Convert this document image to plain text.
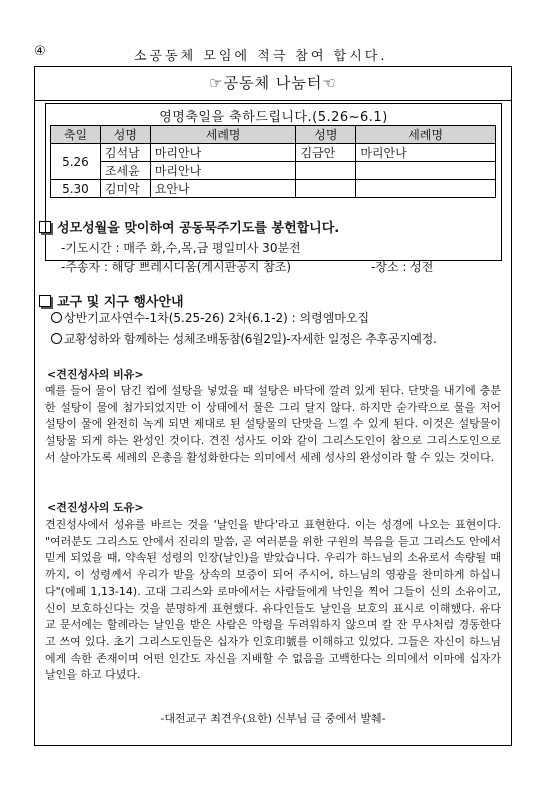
④	소공동체 모임에 적극 참여 합시다.
☞공동체 나눔터☜
영명축일을 축하드립니다.(5.26~6.1)
축일	성명	세례명	성명	세례명
5.26	김석남	마리안나	김금안	마리안나
	조세윤	마리안나		
5.30	김미악	요안나		
성모성월을 맞이하여 공동묵주기도를 봉헌합니다.
-기도시간 : 매주 화,수,목,금 평일미사 30분전
-주송자 : 해당 쁘레시디움(게시판공지 참조)	-장소 : 성전
교구 및 지구 행사안내
상반기교사연수-1차(5.25-26) 2차(6.1-2) : 의령엠마오집
교황성하와 함께하는 성체조배동참(6월2일)-자세한 일정은 추후공지예정.
<견진성사의 비유>
예를 들어 물이 담긴 컵에 설탕을 넣었을 때 설탕은 바닥에 깔려 있게 된다. 단맛을 내기에 충분한 설탕이 물에 첨가되었지만 이 상태에서 물은 그리 달지 않다. 하지만 숟가락으로 물을 저어 설탕이 물에 완전히 녹게 되면 제대로 된 설탕물의 단맛을 느낄 수 있게 된다. 이것은 설탕물이 설탕물 되게 하는 완성인 것이다. 견진 성사도 이와 같이 그리스도인이 참으로 그리스도인으로서 살아가도록 세례의 은총을 활성화한다는 의미에서 세례 성사의 완성이라 할 수 있는 것이다.
<견진성사의 도유>
견진성사에서 성유를 바르는 것을 '날인을 받다'라고 표현한다. 이는 성경에 나오는 표현이다. "여러분도 그리스도 안에서 진리의 말씀, 곧 여러분을 위한 구원의 복음을 듣고 그리스도 안에서 믿게 되었을 때, 약속된 성령의 인장(날인)을 받았습니다. 우리가 하느님의 소유로서 속량될 때까지, 이 성령께서 우리가 받을 상속의 보증이 되어 주시어, 하느님의 영광을 찬미하게 하십니다"(에페 1,13-14). 고대 그리스와 로마에서는 사람들에게 낙인을 찍어 그들이 신의 소유이고, 신이 보호하신다는 것을 분명하게 표현했다. 유다인들도 날인을 보호의 표시로 이해했다. 유다교 문서에는 할례라는 날인을 받은 사람은 악령을 두려워하지 않으며 칼 잔 무사처럼 경동한다고 쓰여 있다. 초기 그리스도인들은 십자가 인호印號를 이해하고 있었다. 그들은 자신이 하느님에게 속한 존재이며 어떤 인간도 자신을 지배할 수 없음을 고백한다는 의미에서 이마에 십자가 날인을 하고 다녔다.
-대전교구 최견우(요한) 신부님 글 중에서 발췌-
